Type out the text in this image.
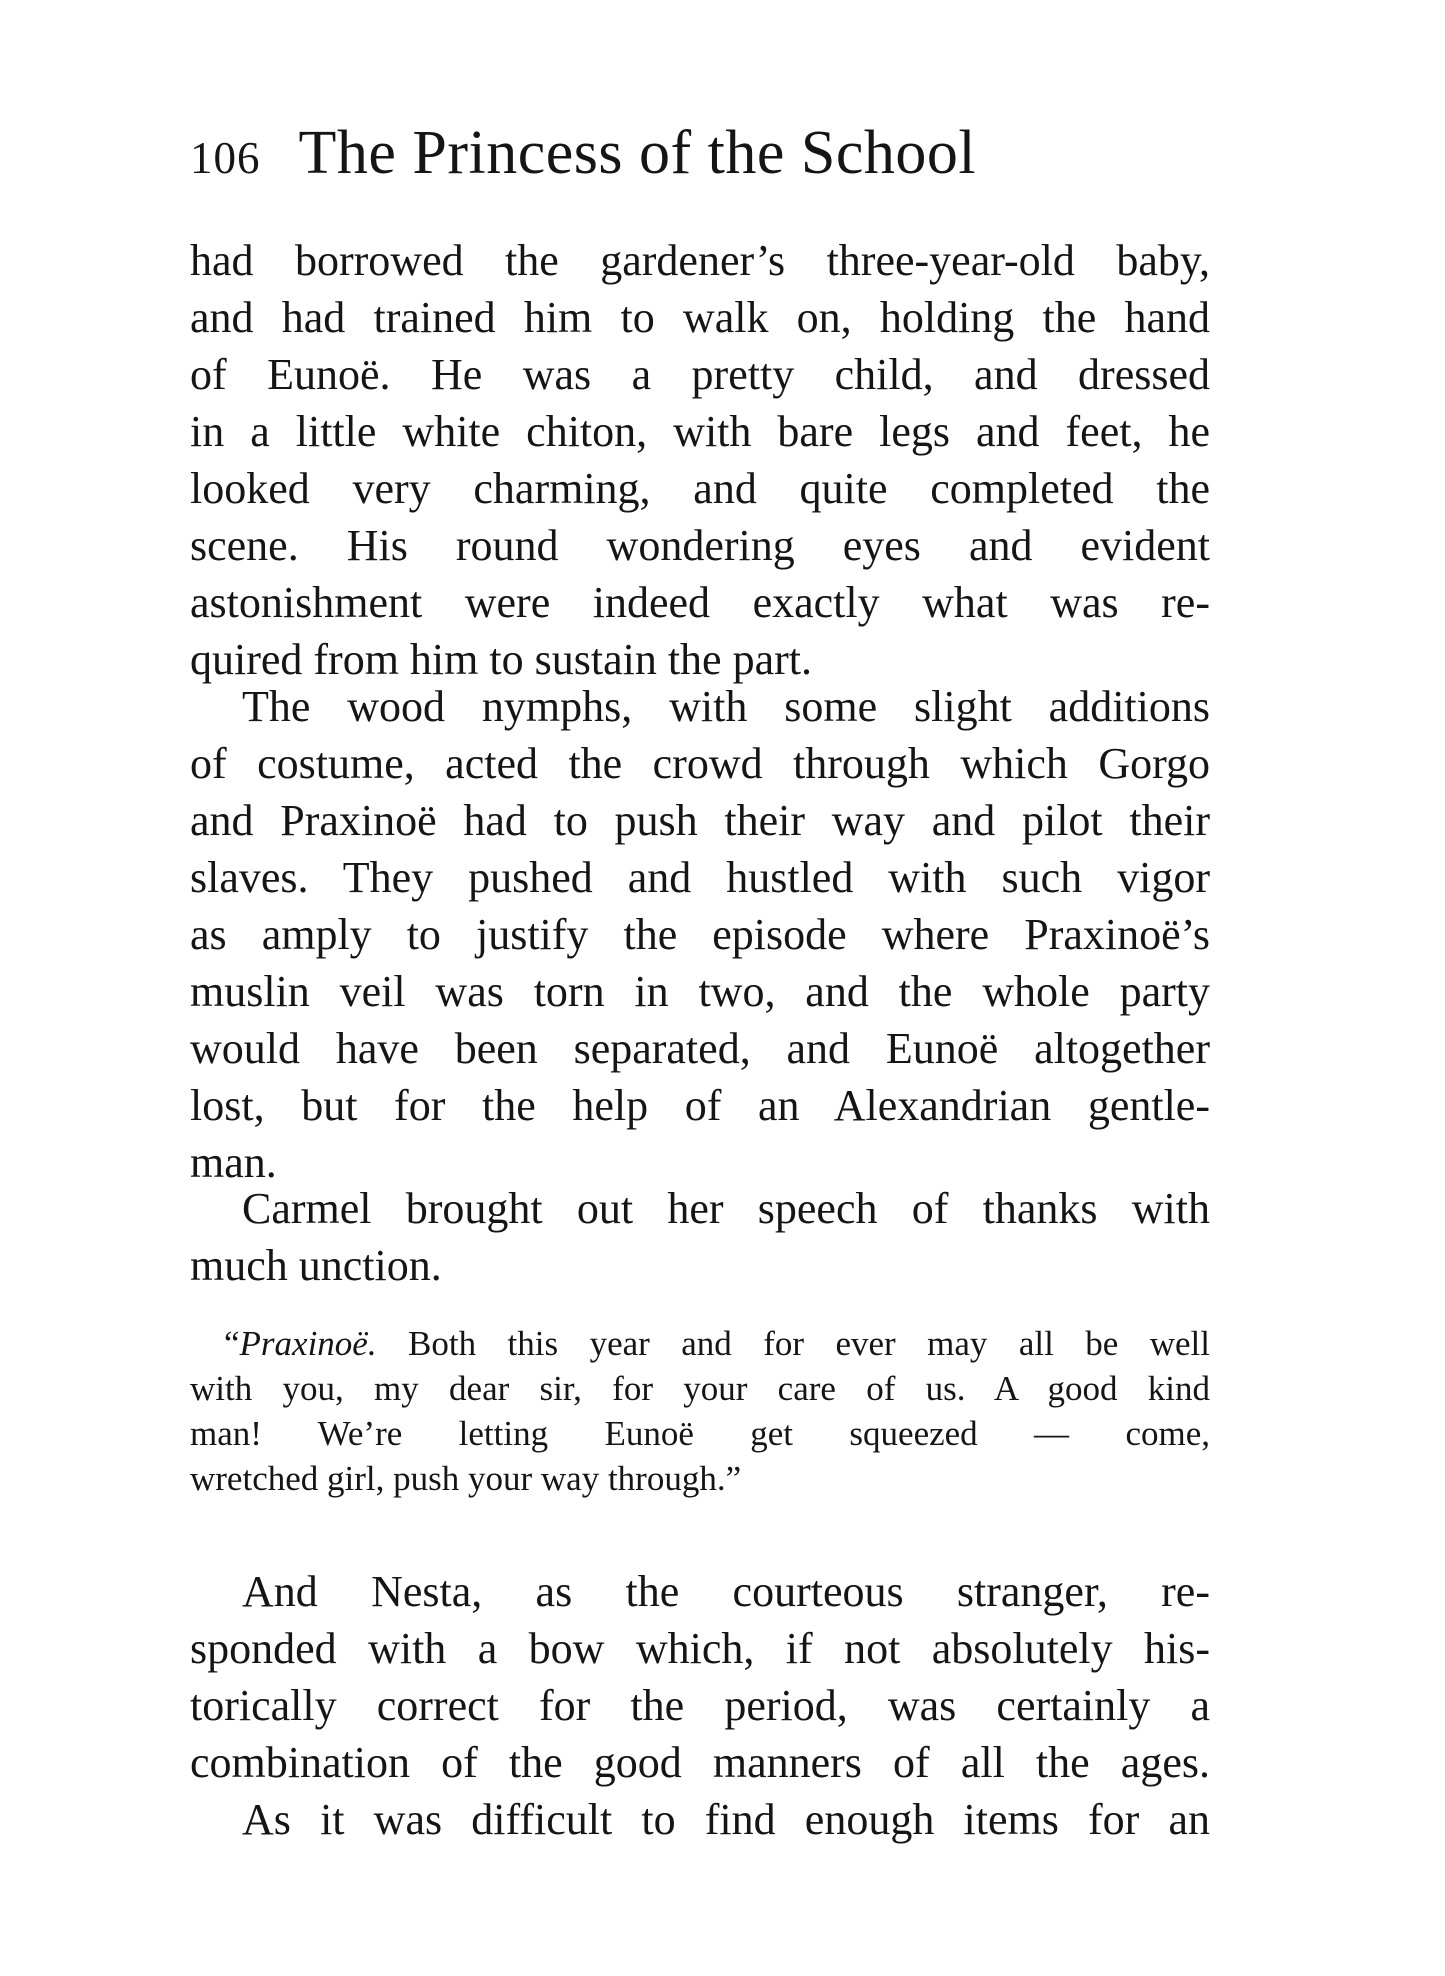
106 The Princess of the School
had borrowed the gardener’s three-year-old baby,
and had trained him to walk on, holding the hand
of Eunoë. He was a pretty child, and dressed
in a little white chiton, with bare legs and feet, he
looked very charming, and quite completed the
scene. His round wondering eyes and evident
astonishment were indeed exactly what was re-
quired from him to sustain the part.
The wood nymphs, with some slight additions
of costume, acted the crowd through which Gorgo
and Praxinoë had to push their way and pilot their
slaves. They pushed and hustled with such vigor
as amply to justify the episode where Praxinoë’s
muslin veil was torn in two, and the whole party
would have been separated, and Eunoë altogether
lost, but for the help of an Alexandrian gentle-
man.
Carmel brought out her speech of thanks with
much unction.
“Praxinoë. Both this year and for ever may all be well
with you, my dear sir, for your care of us. A good kind
man! We’re letting Eunoë get squeezed — come,
wretched girl, push your way through.”
And Nesta, as the courteous stranger, re-
sponded with a bow which, if not absolutely his-
torically correct for the period, was certainly a
combination of the good manners of all the ages.
As it was difficult to find enough items for an
